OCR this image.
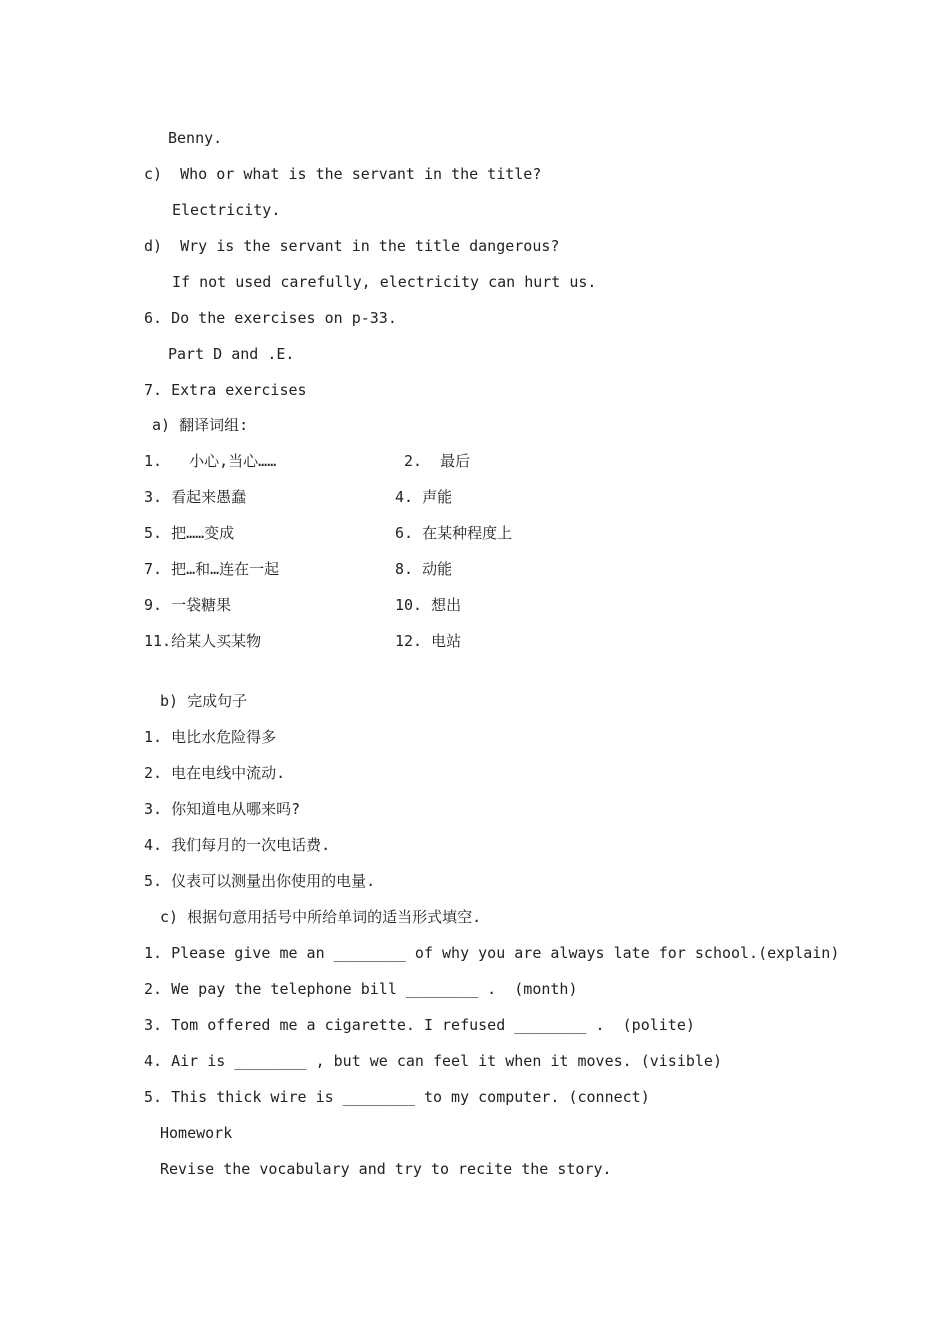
Benny.
c)  Who or what is the servant in the title?
Electricity.
d)  Wry is the servant in the title dangerous?
If not used carefully, electricity can hurt us.
6. Do the exercises on p-33.
Part D and .E.
7. Extra exercises
a) 翻译词组:
1.   小心,当心……	2.  最后
3. 看起来愚蠢	4. 声能
5. 把……变成	6. 在某种程度上
7. 把…和…连在一起	8. 动能
9. 一袋糖果	10. 想出
11.给某人买某物	12. 电站
b) 完成句子
1. 电比水危险得多
2. 电在电线中流动.
3. 你知道电从哪来吗?
4. 我们每月的一次电话费.
5. 仪表可以测量出你使用的电量.
c) 根据句意用括号中所给单词的适当形式填空.
1. Please give me an ________ of why you are always late for school.(explain)
2. We pay the telephone bill ________ .  (month)
3. Tom offered me a cigarette. I refused ________ .  (polite)
4. Air is ________ , but we can feel it when it moves. (visible)
5. This thick wire is ________ to my computer. (connect)
Homework
Revise the vocabulary and try to recite the story.
